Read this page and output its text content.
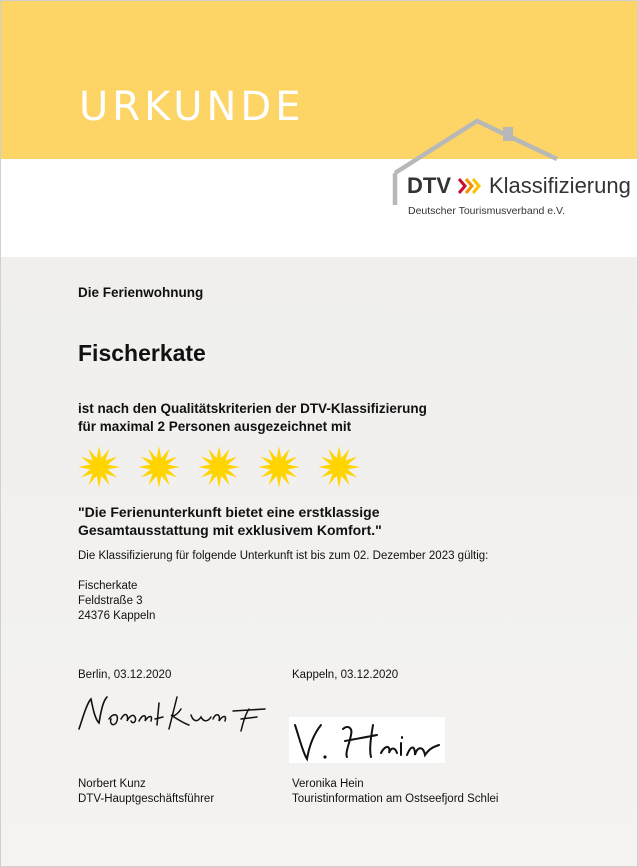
URKUNDE
DTV Klassifizierung
Deutscher Tourismusverband e.V.
Die Ferienwohnung
Fischerkate
ist nach den Qualitätskriterien der DTV-Klassifizierung
für maximal 2 Personen ausgezeichnet mit
"Die Ferienunterkunft bietet eine erstklassige
Gesamtausstattung mit exklusivem Komfort."
Die Klassifizierung für folgende Unterkunft ist bis zum 02. Dezember 2023 gültig:
Fischerkate
Feldstraße 3
24376 Kappeln
Berlin, 03.12.2020	Kappeln, 03.12.2020
Norbert Kunz
DTV-Hauptgeschäftsführer
Veronika Hein
Touristinformation am Ostseefjord Schlei
